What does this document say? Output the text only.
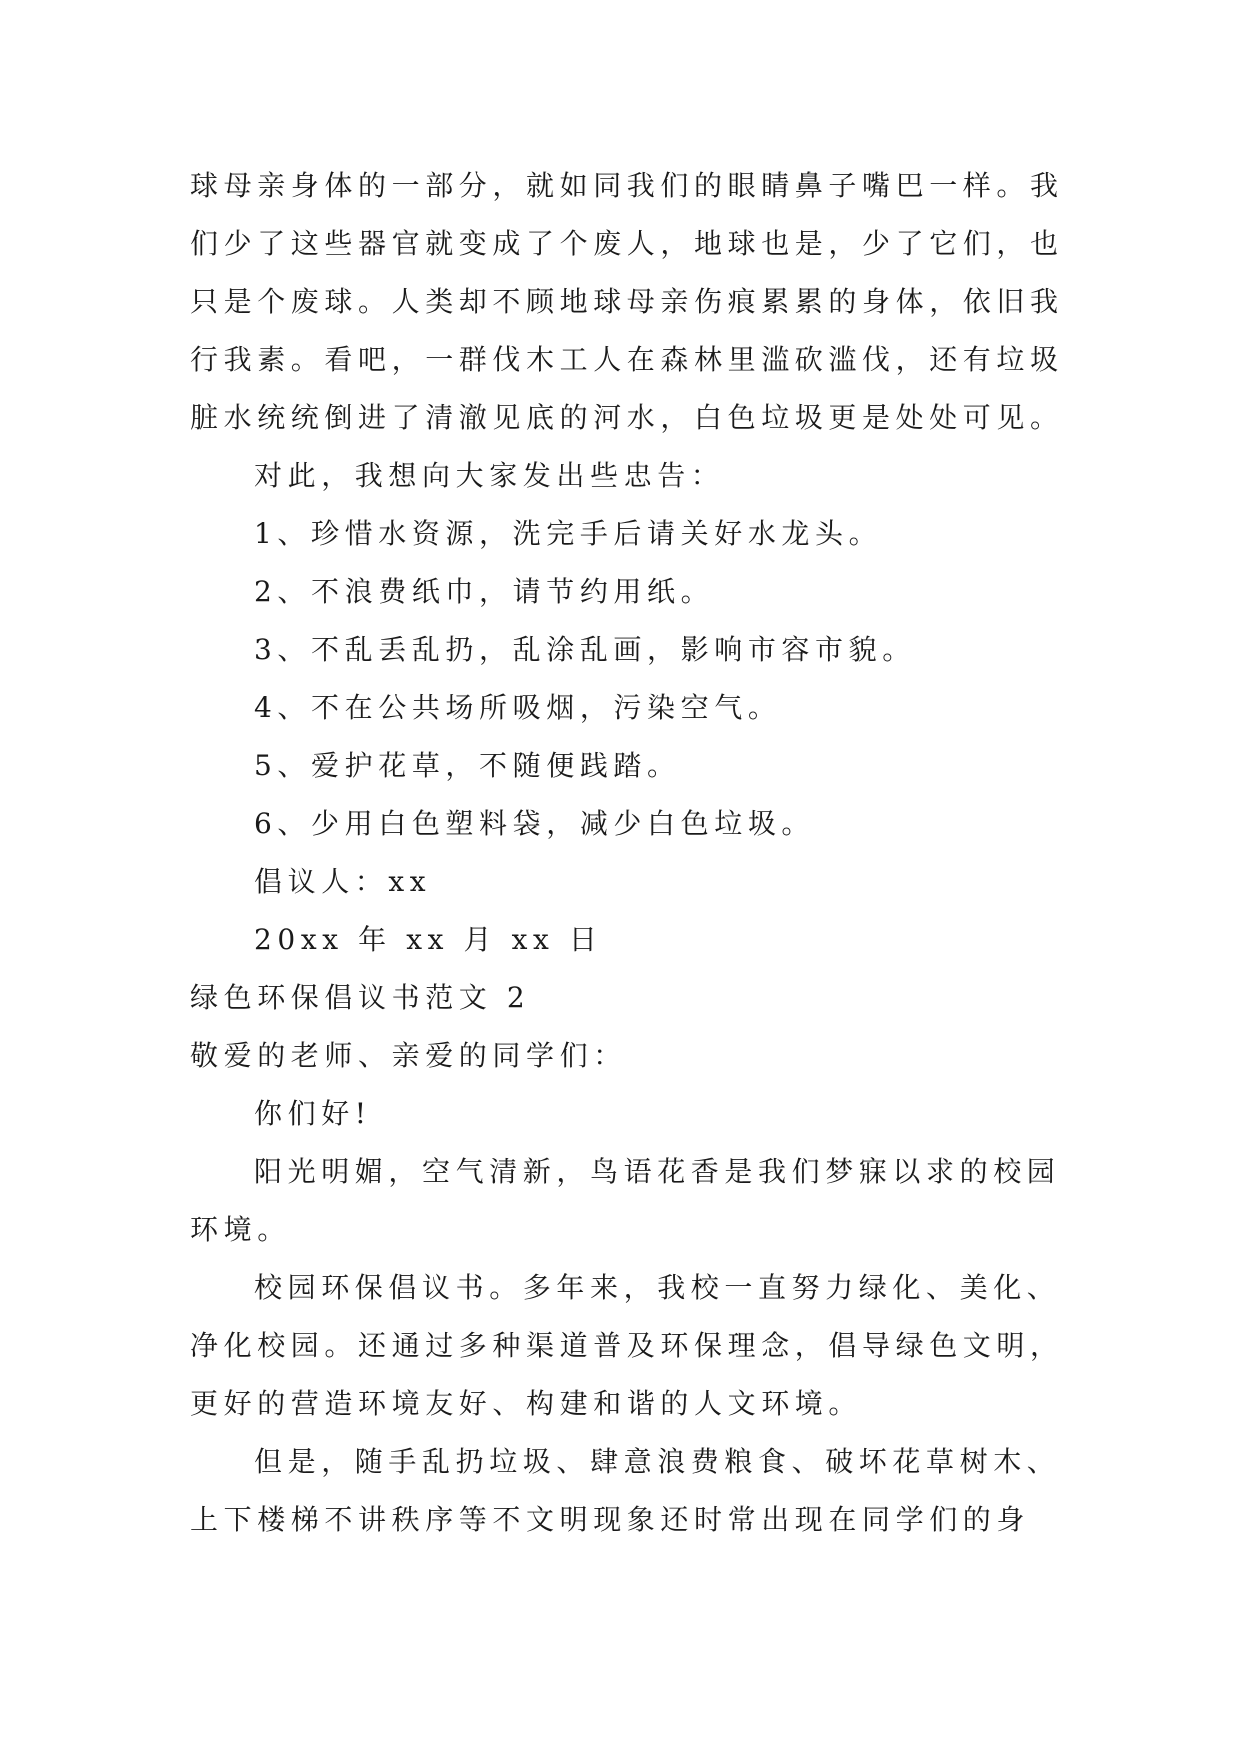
球母亲身体的一部分，就如同我们的眼睛鼻子嘴巴一样。我
们少了这些器官就变成了个废人，地球也是，少了它们，也
只是个废球。人类却不顾地球母亲伤痕累累的身体，依旧我
行我素。看吧，一群伐木工人在森林里滥砍滥伐，还有垃圾
脏水统统倒进了清澈见底的河水，白色垃圾更是处处可见。
对此，我想向大家发出些忠告：
1、珍惜水资源，洗完手后请关好水龙头。
2、不浪费纸巾，请节约用纸。
3、不乱丢乱扔，乱涂乱画，影响市容市貌。
4、不在公共场所吸烟，污染空气。
5、爱护花草，不随便践踏。
6、少用白色塑料袋，减少白色垃圾。
倡议人：xx
20xx 年 xx 月 xx 日
绿色环保倡议书范文 2
敬爱的老师、亲爱的同学们：
你们好!
阳光明媚，空气清新，鸟语花香是我们梦寐以求的校园
环境。
校园环保倡议书。多年来，我校一直努力绿化、美化、
净化校园。还通过多种渠道普及环保理念，倡导绿色文明，
更好的营造环境友好、构建和谐的人文环境。
但是，随手乱扔垃圾、肆意浪费粮食、破坏花草树木、
上下楼梯不讲秩序等不文明现象还时常出现在同学们的身
